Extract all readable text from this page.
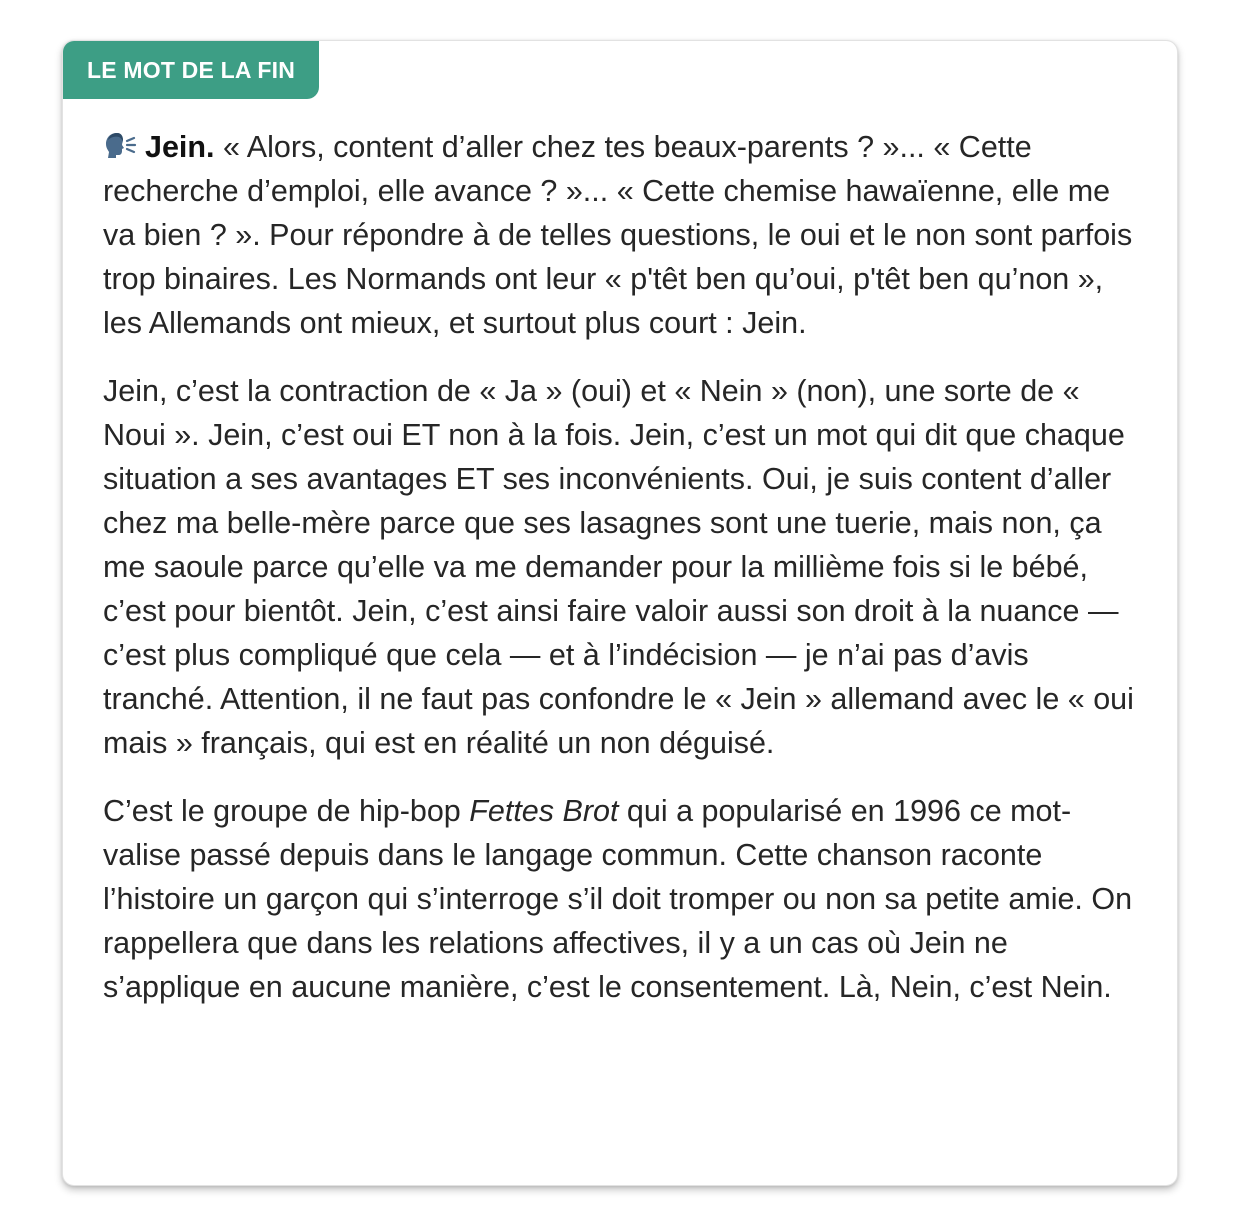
LE MOT DE LA FIN

Jein. « Alors, content d’aller chez tes beaux-parents ? »... « Cette recherche d’emploi, elle avance ? »... « Cette chemise hawaïenne, elle me va bien ? ». Pour répondre à de telles questions, le oui et le non sont parfois trop binaires. Les Normands ont leur « p'têt ben qu’oui, p'têt ben qu’non », les Allemands ont mieux, et surtout plus court : Jein.

Jein, c’est la contraction de « Ja » (oui) et « Nein » (non), une sorte de « Noui ». Jein, c’est oui ET non à la fois. Jein, c’est un mot qui dit que chaque situation a ses avantages ET ses inconvénients. Oui, je suis content d’aller chez ma belle-mère parce que ses lasagnes sont une tuerie, mais non, ça me saoule parce qu’elle va me demander pour la millième fois si le bébé, c’est pour bientôt. Jein, c’est ainsi faire valoir aussi son droit à la nuance — c’est plus compliqué que cela — et à l’indécision — je n’ai pas d’avis tranché. Attention, il ne faut pas confondre le « Jein » allemand avec le « oui mais » français, qui est en réalité un non déguisé.

C’est le groupe de hip-bop Fettes Brot qui a popularisé en 1996 ce mot-valise passé depuis dans le langage commun. Cette chanson raconte l’histoire un garçon qui s’interroge s’il doit tromper ou non sa petite amie. On rappellera que dans les relations affectives, il y a un cas où Jein ne s’applique en aucune manière, c’est le consentement. Là, Nein, c’est Nein.
